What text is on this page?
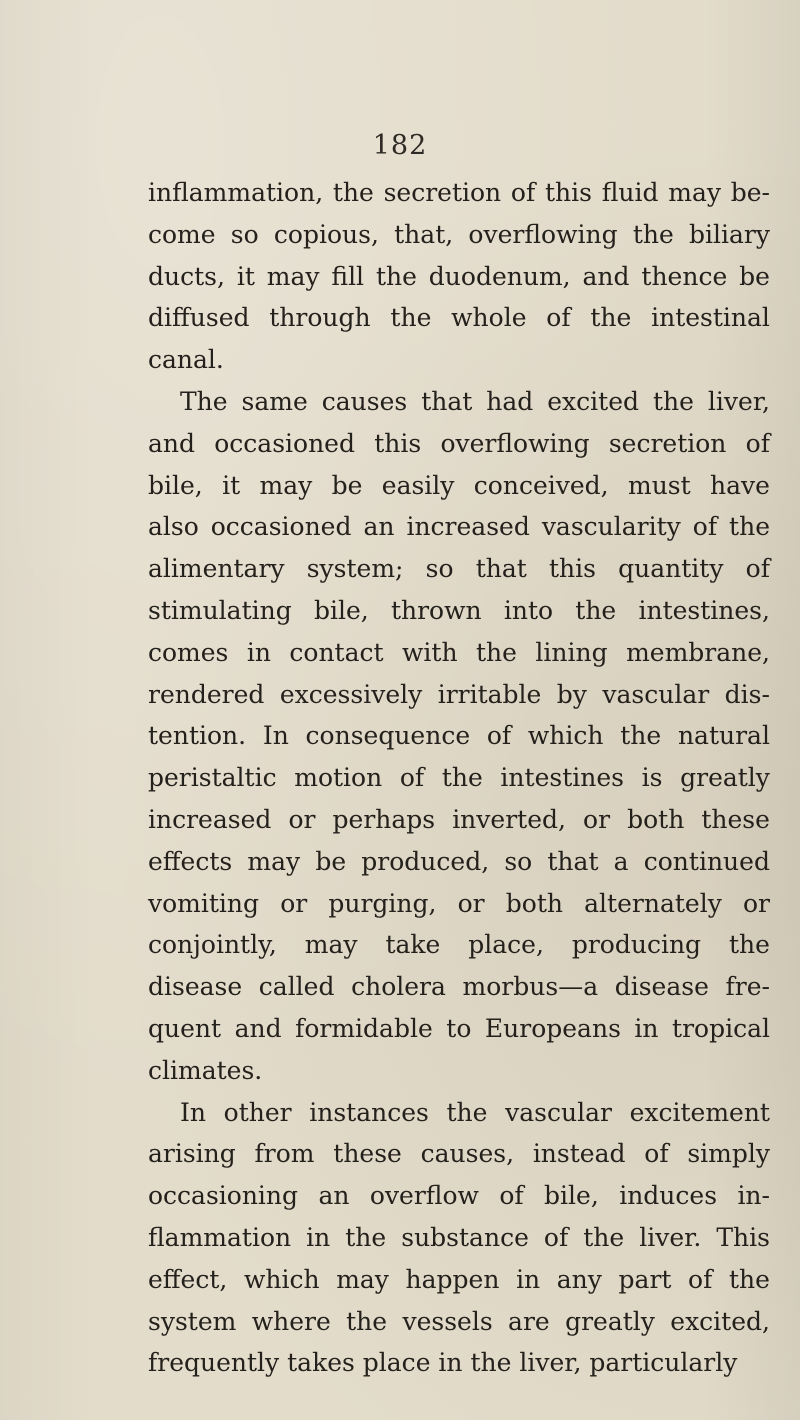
182
inflammation, the secretion of this fluid may be-
come so copious, that, overflowing the biliary
ducts, it may fill the duodenum, and thence be
diffused through the whole of the intestinal
canal.
The same causes that had excited the liver,
and occasioned this overflowing secretion of
bile, it may be easily conceived, must have
also occasioned an increased vascularity of the
alimentary system; so that this quantity of
stimulating bile, thrown into the intestines,
comes in contact with the lining membrane,
rendered excessively irritable by vascular dis-
tention. In consequence of which the natural
peristaltic motion of the intestines is greatly
increased or perhaps inverted, or both these
effects may be produced, so that a continued
vomiting or purging, or both alternately or
conjointly, may take place, producing the
disease called cholera morbus—a disease fre-
quent and formidable to Europeans in tropical
climates.
In other instances the vascular excitement
arising from these causes, instead of simply
occasioning an overflow of bile, induces in-
flammation in the substance of the liver. This
effect, which may happen in any part of the
system where the vessels are greatly excited,
frequently takes place in the liver, particularly
